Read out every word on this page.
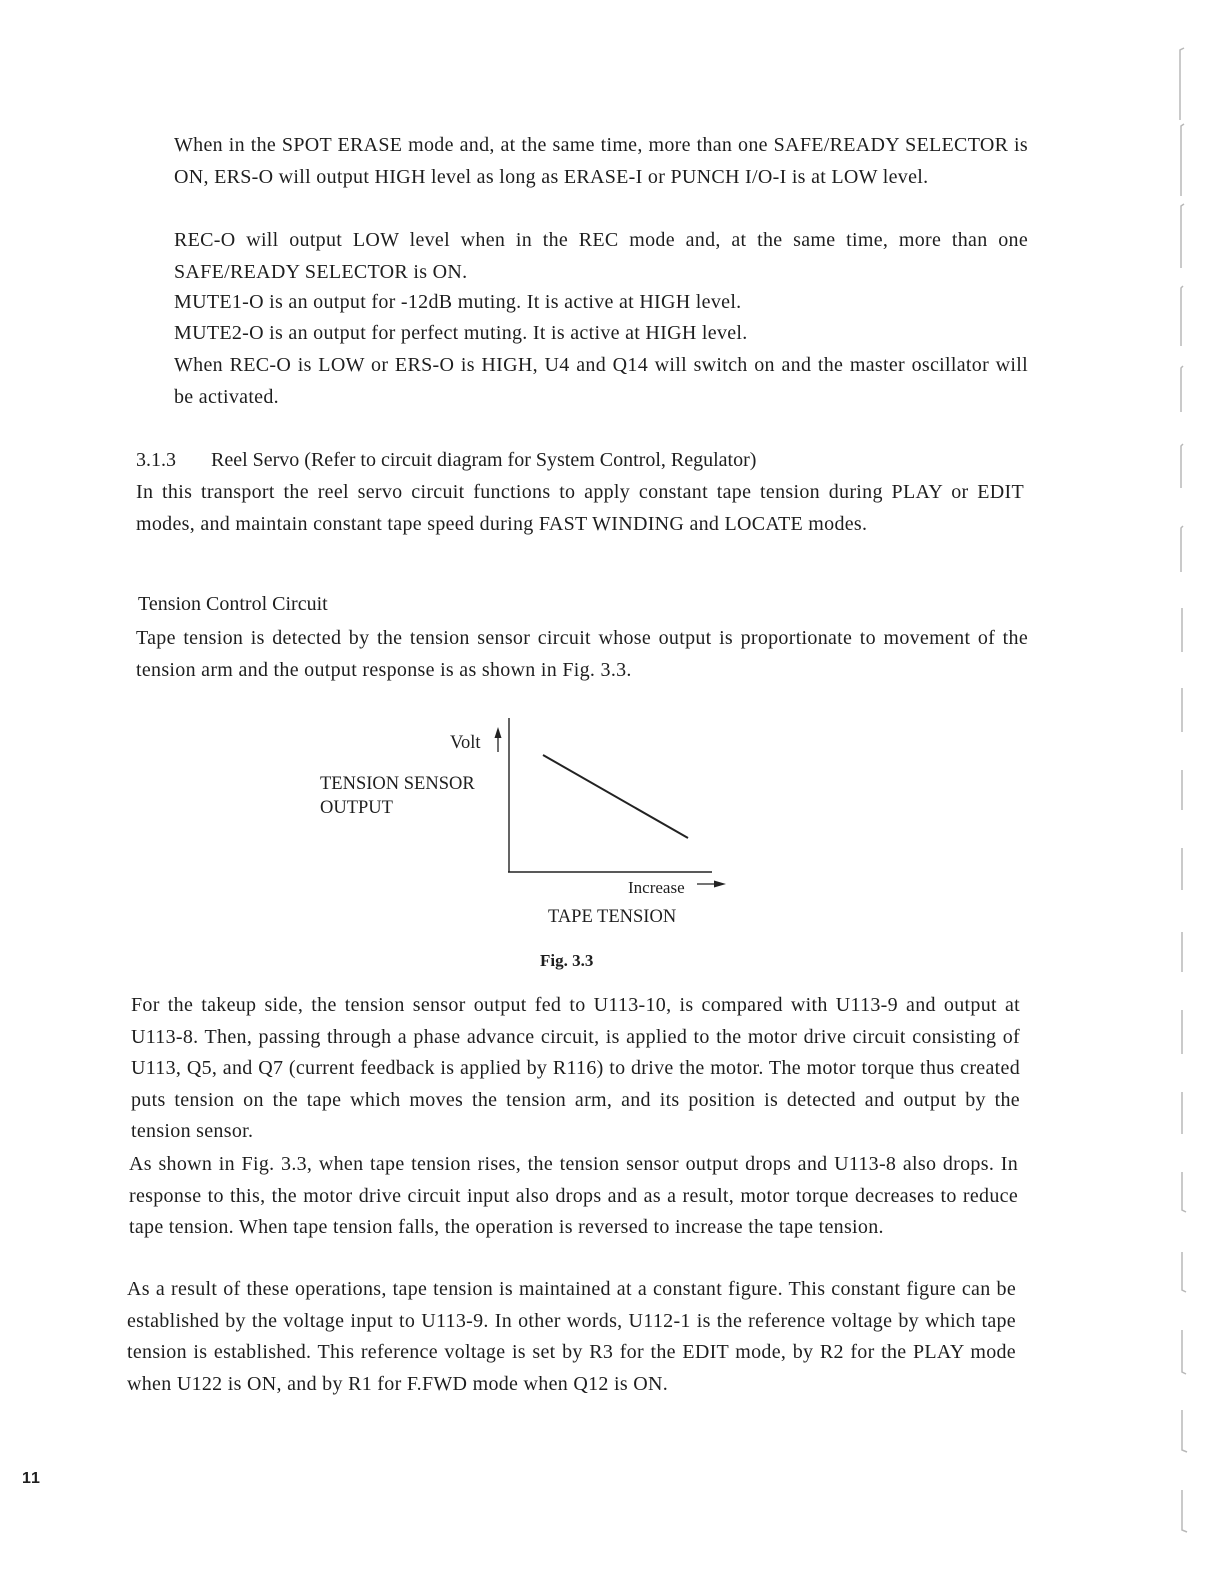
When in the SPOT ERASE mode and, at the same time, more than one SAFE/READY SELECTOR is ON, ERS-O will output HIGH level as long as ERASE-I or PUNCH I/O-I is at LOW level.

REC-O will output LOW level when in the REC mode and, at the same time, more than one SAFE/READY SELECTOR is ON.

MUTE1-O is an output for -12dB muting. It is active at HIGH level.

MUTE2-O is an output for perfect muting. It is active at HIGH level.

When REC-O is LOW or ERS-O is HIGH, U4 and Q14 will switch on and the master oscillator will be activated.

3.1.3 Reel Servo (Refer to circuit diagram for System Control, Regulator)

In this transport the reel servo circuit functions to apply constant tape tension during PLAY or EDIT modes, and maintain constant tape speed during FAST WINDING and LOCATE modes.

Tension Control Circuit

Tape tension is detected by the tension sensor circuit whose output is proportionate to movement of the tension arm and the output response is as shown in Fig. 3.3.

Volt
TENSION SENSOR
OUTPUT
Increase
TAPE TENSION
Fig. 3.3

For the takeup side, the tension sensor output fed to U113-10, is compared with U113-9 and output at U113-8. Then, passing through a phase advance circuit, is applied to the motor drive circuit consisting of U113, Q5, and Q7 (current feedback is applied by R116) to drive the motor. The motor torque thus created puts tension on the tape which moves the tension arm, and its position is detected and output by the tension sensor.

As shown in Fig. 3.3, when tape tension rises, the tension sensor output drops and U113-8 also drops. In response to this, the motor drive circuit input also drops and as a result, motor torque decreases to reduce tape tension. When tape tension falls, the operation is reversed to increase the tape tension.

As a result of these operations, tape tension is maintained at a constant figure. This constant figure can be established by the voltage input to U113-9. In other words, U112-1 is the reference voltage by which tape tension is established. This reference voltage is set by R3 for the EDIT mode, by R2 for the PLAY mode when U122 is ON, and by R1 for F.FWD mode when Q12 is ON.

11
